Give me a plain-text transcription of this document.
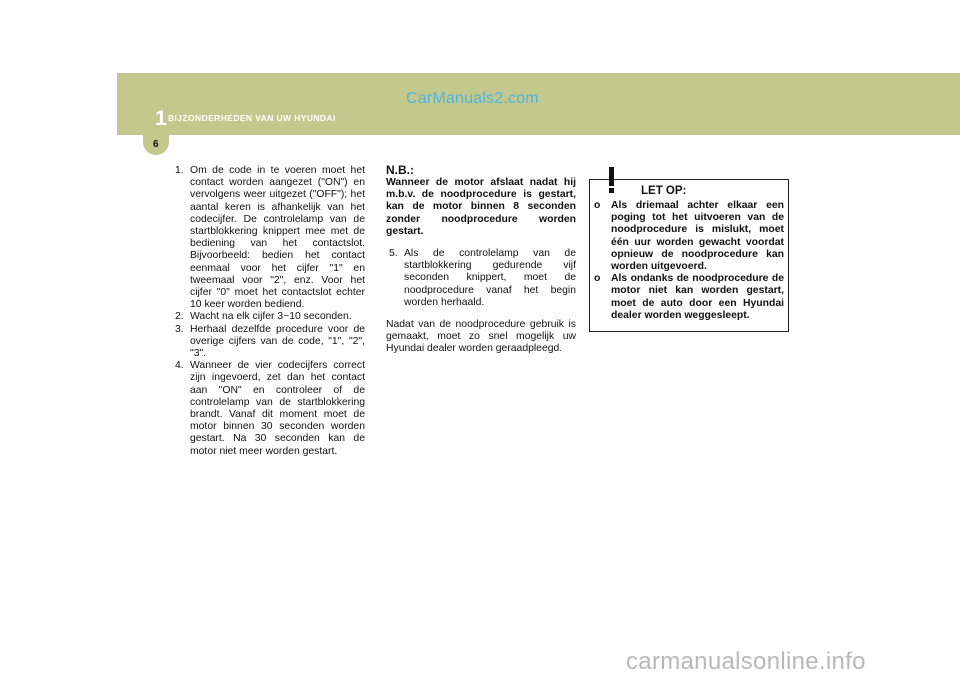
1 BIJZONDERHEDEN VAN UW HYUNDAI
CarManuals2.com
6
1. Om de code in te voeren moet het contact worden aangezet ("ON") en vervolgens weer uitgezet ("OFF"); het aantal keren is afhankelijk van het codecijfer. De controlelamp van de startblokkering knippert mee met de bediening van het contactslot. Bijvoorbeeld: bedien het contact eenmaal voor het cijfer "1" en tweemaal voor "2", enz. Voor het cijfer "0" moet het contactslot echter 10 keer worden bediend.
2. Wacht na elk cijfer 3~10 seconden.
3. Herhaal dezelfde procedure voor de overige cijfers van de code, "1", "2", "3".
4. Wanneer de vier codecijfers correct zijn ingevoerd, zet dan het contact aan "ON" en controleer of de controlelamp van de startblokkering brandt. Vanaf dit moment moet de motor binnen 30 seconden worden gestart. Na 30 seconden kan de motor niet meer worden gestart.
N.B.:
Wanneer de motor afslaat nadat hij m.b.v. de noodprocedure is gestart, kan de motor binnen 8 seconden zonder noodprocedure worden gestart.
5. Als de controlelamp van de startblokkering gedurende vijf seconden knippert, moet de noodprocedure vanaf het begin worden herhaald.
Nadat van de noodprocedure gebruik is gemaakt, moet zo snel mogelijk uw Hyundai dealer worden geraadpleegd.
LET OP:
o Als driemaal achter elkaar een poging tot het uitvoeren van de noodprocedure is mislukt, moet één uur worden gewacht voordat opnieuw de noodprocedure kan worden uitgevoerd.
o Als ondanks de noodprocedure de motor niet kan worden gestart, moet de auto door een Hyundai dealer worden weggesleept.
carmanualsonline.info
